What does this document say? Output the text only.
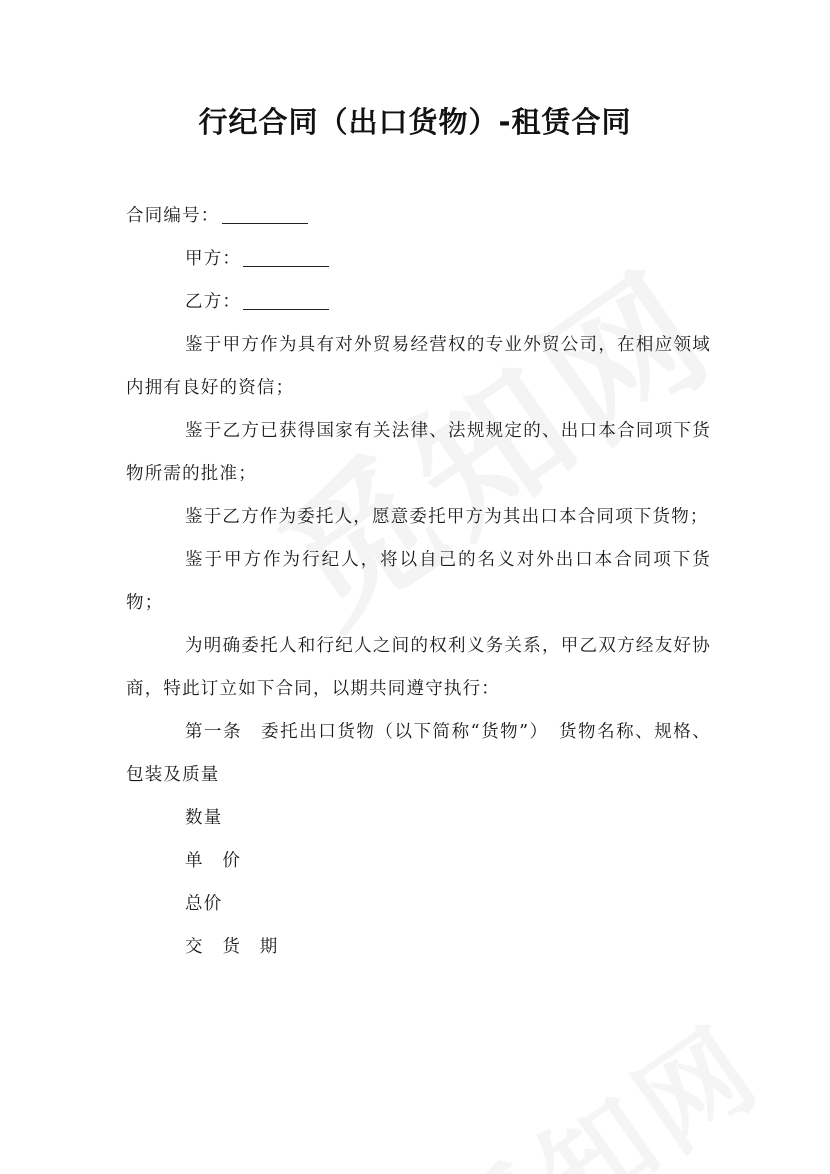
行纪合同（出口货物）-租赁合同

合同编号：

甲方：

乙方：

鉴于甲方作为具有对外贸易经营权的专业外贸公司，在相应领域内拥有良好的资信；

鉴于乙方已获得国家有关法律、法规规定的、出口本合同项下货物所需的批准；

鉴于乙方作为委托人，愿意委托甲方为其出口本合同项下货物；

鉴于甲方作为行纪人，将以自己的名义对外出口本合同项下货物；

为明确委托人和行纪人之间的权利义务关系，甲乙双方经友好协商，特此订立如下合同，以期共同遵守执行：

第一条　委托出口货物（以下简称“货物”）　货物名称、规格、包装及质量

数量

单　价

总价

交　货　期
